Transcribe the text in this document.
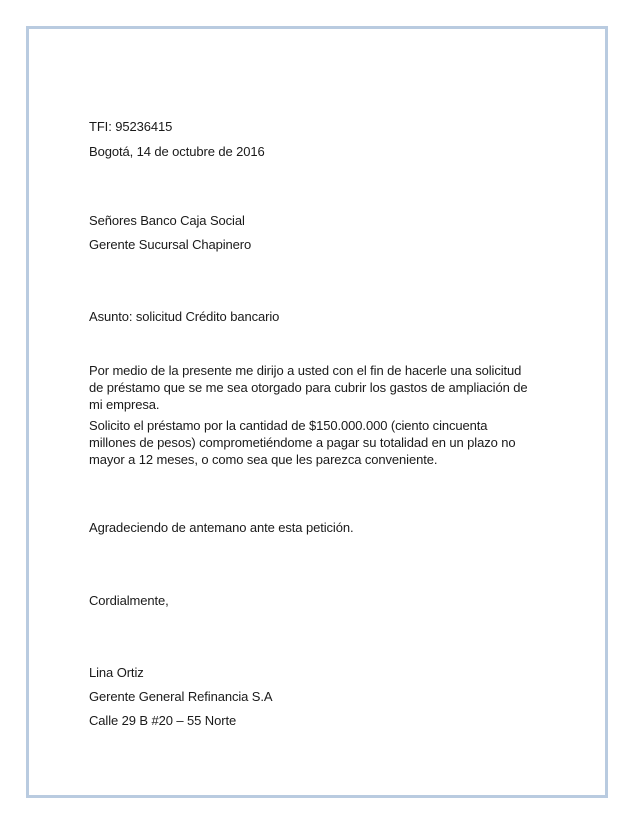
TFI: 95236415

Bogotá, 14 de octubre de 2016

Señores Banco Caja Social

Gerente Sucursal Chapinero

Asunto: solicitud Crédito bancario

Por medio de la presente me dirijo a usted con el fin de hacerle una solicitud de préstamo que se me sea otorgado para cubrir los gastos de ampliación de mi empresa.

Solicito el préstamo por la cantidad de $150.000.000 (ciento cincuenta millones de pesos) comprometiéndome a pagar su totalidad en un plazo no mayor a 12 meses, o como sea que les parezca conveniente.

Agradeciendo de antemano ante esta petición.

Cordialmente,

Lina Ortiz

Gerente General Refinancia S.A

Calle 29 B #20 – 55 Norte
